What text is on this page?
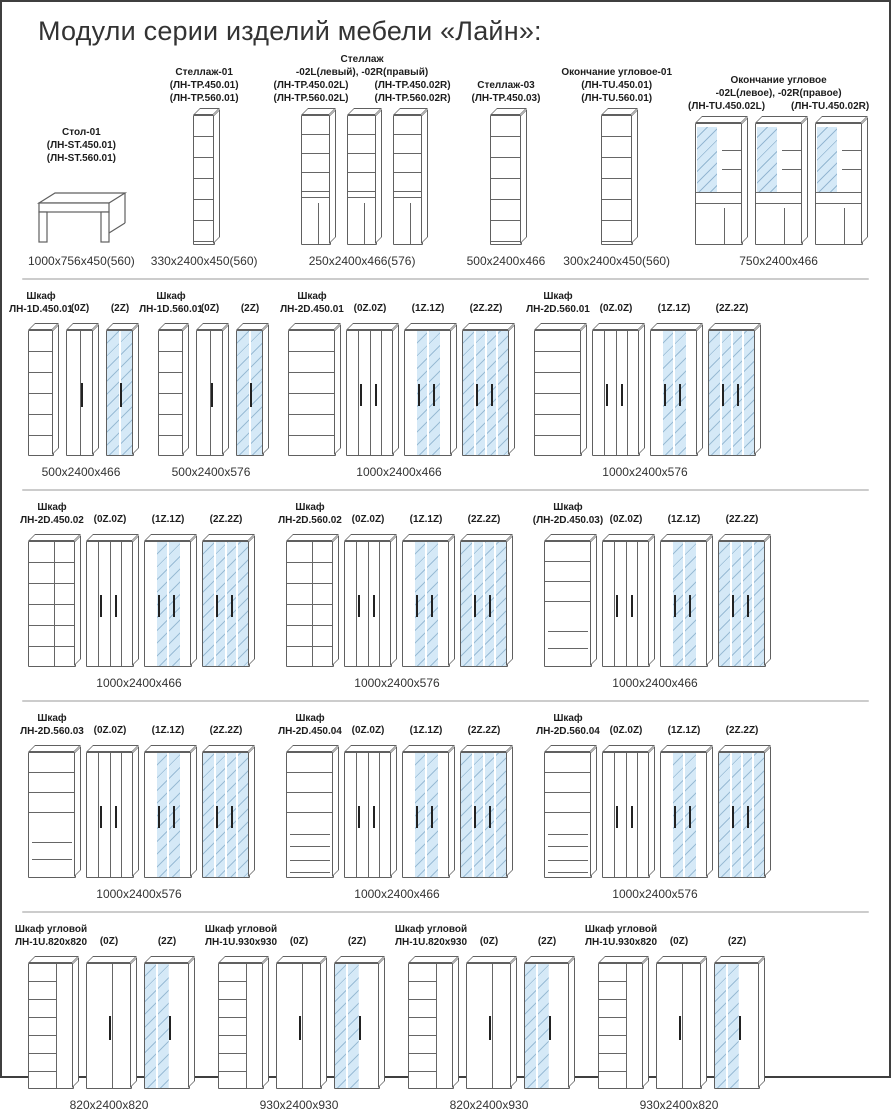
Модули серии изделий мебели «Лайн»:
Стол-01
(ЛН-ST.450.01)
(ЛН-ST.560.01)
1000x756x450(560)
Стеллаж-01
(ЛН-ТР.450.01)
(ЛН-ТР.560.01)
330x2400x450(560)
Стеллаж
-02L(левый), -02R(правый)
(ЛН-ТР.450.02L)
(ЛН-ТР.560.02L)
(ЛН-ТР.450.02R)
(ЛН-ТР.560.02R)
250x2400x466(576)
Стеллаж-03
(ЛН-ТР.450.03)
500x2400x466
Окончание угловое-01
(ЛН-TU.450.01)
(ЛН-TU.560.01)
300x2400x450(560)
Окончание угловое
-02L(левое), -02R(правое)
(ЛН-TU.450.02L)	(ЛН-TU.450.02R)
750x2400x466
Шкаф
ЛН-1D.450.01
(0Z) (2Z)
500x2400x466
Шкаф
ЛН-1D.560.01
(0Z) (2Z)
500x2400x576
Шкаф
ЛН-2D.450.01 (0Z.0Z)	(1Z.1Z)	(2Z.2Z)
1000x2400x466
Шкаф
ЛН-2D.560.01 (0Z.0Z)	(1Z.1Z)	(2Z.2Z)
1000x2400x576
Шкаф
ЛН-2D.450.02 (0Z.0Z)	(1Z.1Z)	(2Z.2Z)
1000x2400x466
Шкаф
ЛН-2D.560.02 (0Z.0Z)	(1Z.1Z)	(2Z.2Z)
1000x2400x576
Шкаф
(ЛН-2D.450.03) (0Z.0Z)	(1Z.1Z)	(2Z.2Z)
1000x2400x466
Шкаф
ЛН-2D.560.03 (0Z.0Z)	(1Z.1Z)	(2Z.2Z)
1000x2400x576
Шкаф
ЛН-2D.450.04 (0Z.0Z)	(1Z.1Z)	(2Z.2Z)
1000x2400x466
Шкаф
ЛН-2D.560.04 (0Z.0Z)	(1Z.1Z)	(2Z.2Z)
1000x2400x576
Шкаф угловой
ЛН-1U.820х820 (0Z)	(2Z)
820x2400x820
Шкаф угловой
ЛН-1U.930х930 (0Z)	(2Z)
930x2400x930
Шкаф угловой
ЛН-1U.820х930 (0Z)	(2Z)
820x2400x930
Шкаф угловой
ЛН-1U.930х820 (0Z)	(2Z)
930x2400x820
